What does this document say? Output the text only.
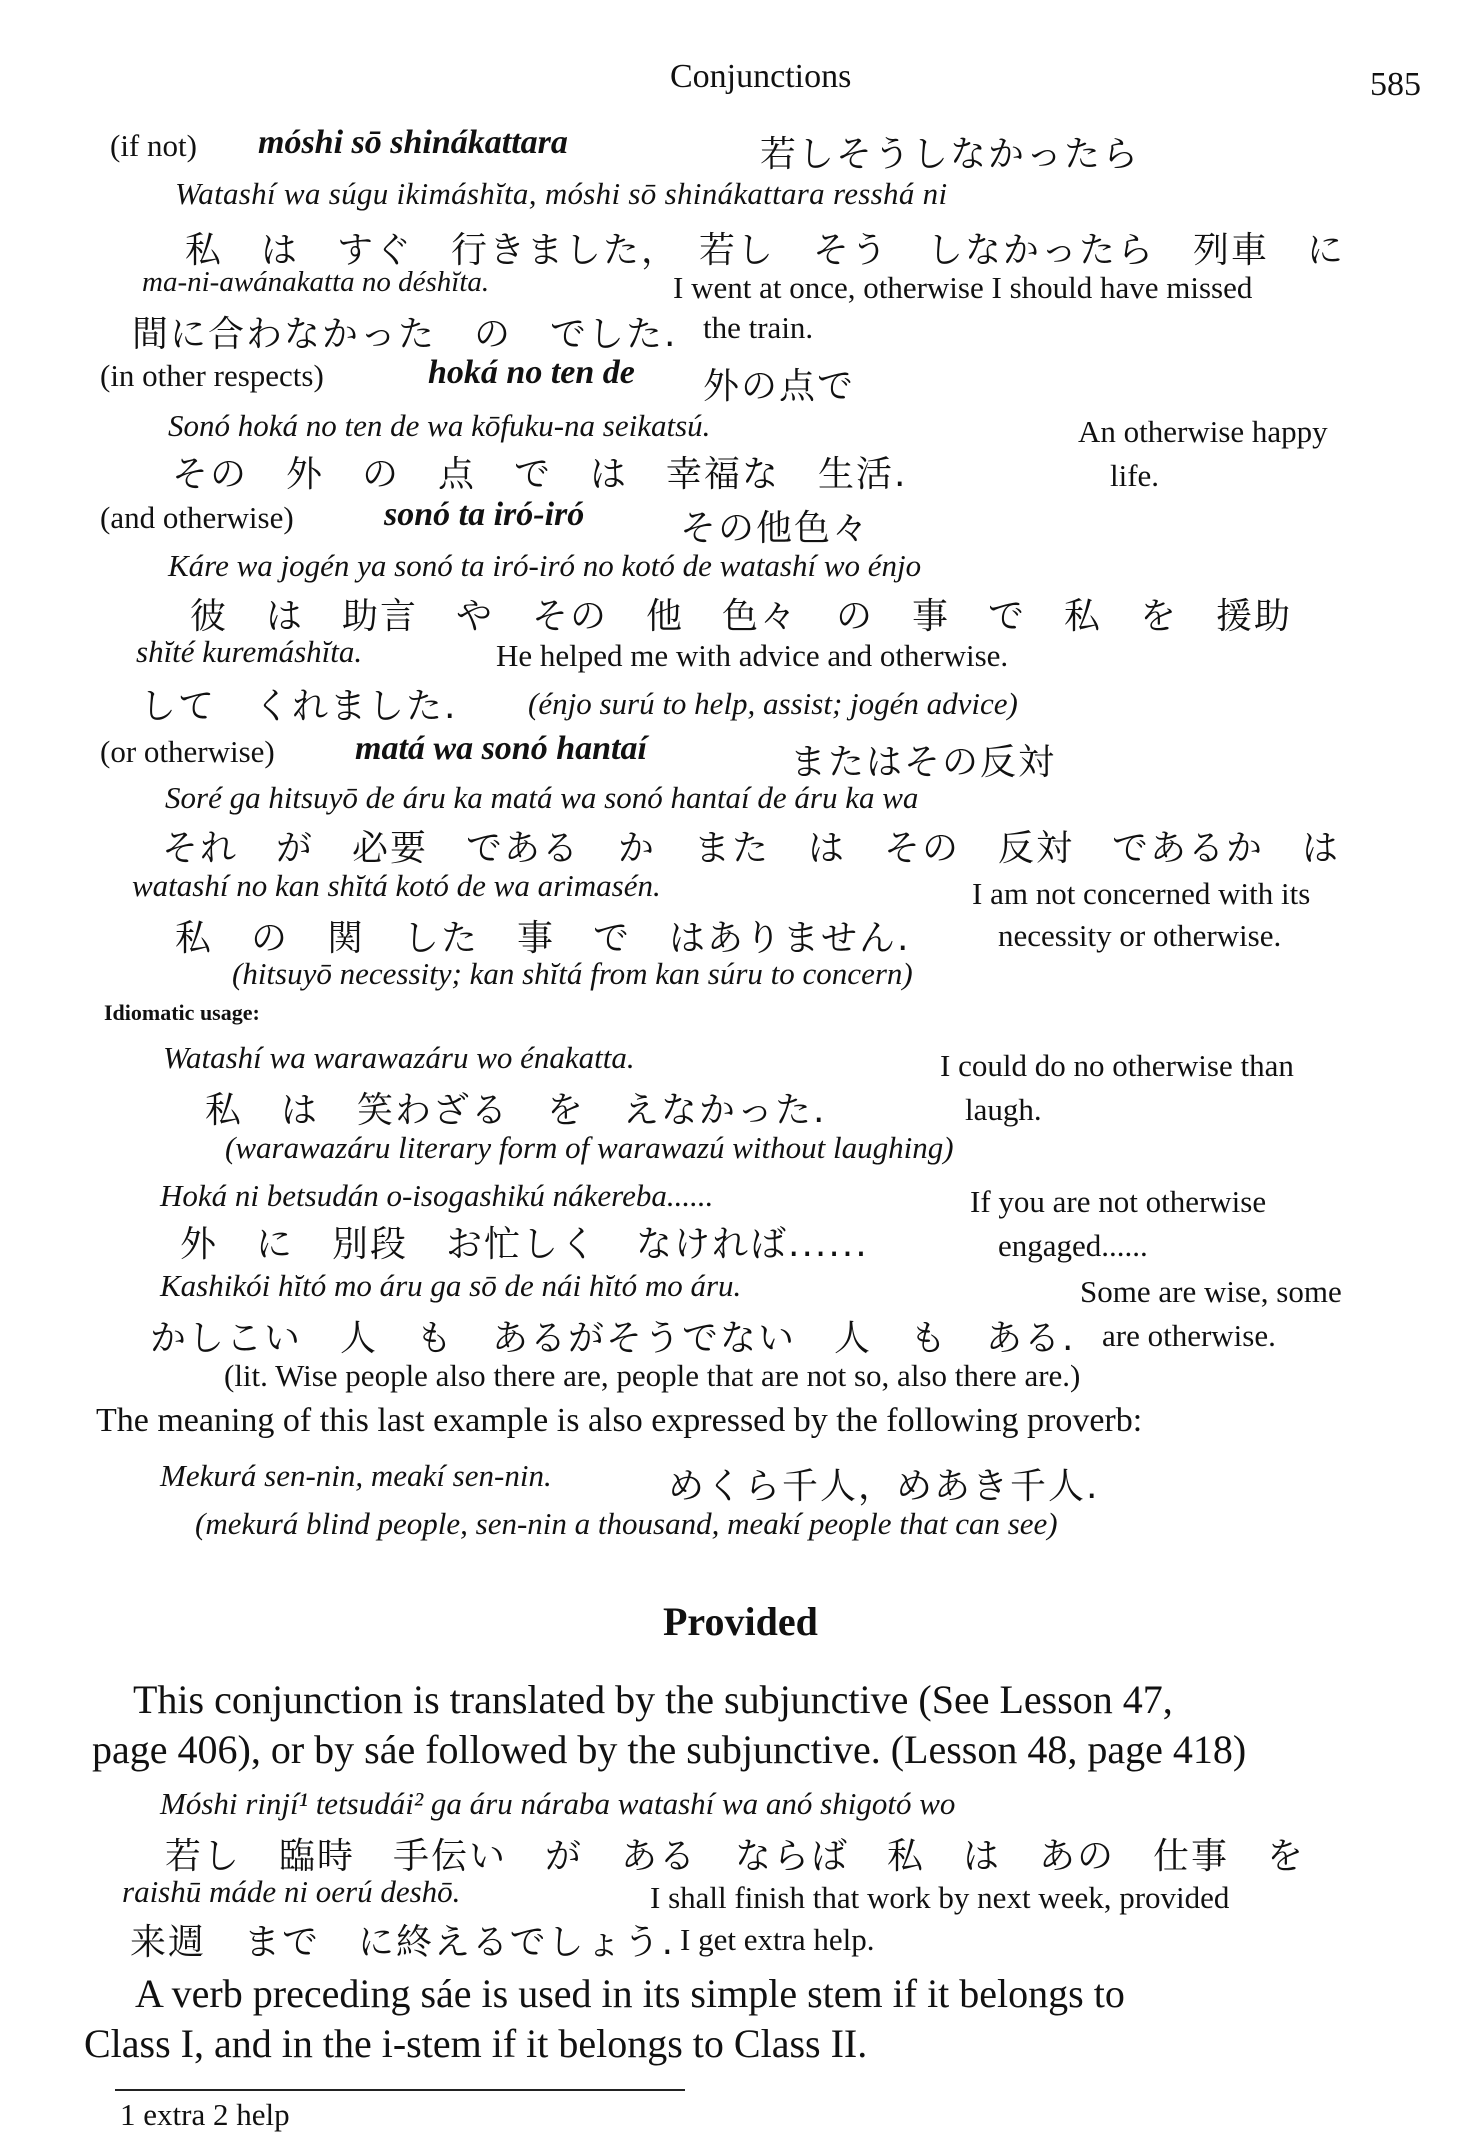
Conjunctions	585
(if not) móshi sō shinákattara	若しそうしなかったら
Watashí wa súgu ikimáshĭta, móshi sō shinákattara resshá ni
私　は　すぐ　行きました，　若し　そう　しなかったら　列車　に
ma-ni-awánakatta no déshĭta.	I went at once, otherwise I should have missed
間に合わなかった　の　でした. the train.
(in other respects)	hoká no ten de 外の点で
Sonó hoká no ten de wa kōfuku-na seikatsú.	An otherwise happy
その　外　の　点　で　は　幸福な　生活.	life.
(and otherwise)	sonó ta iró-iró	その他色々
Káre wa jogén ya sonó ta iró-iró no kotó de watashí wo énjo
彼　は　助言　や　その　他　色々　の　事　で　私　を　援助
shĭté kuremáshĭta.	He helped me with advice and otherwise.
して　くれました. (énjo surú to help, assist; jogén advice)
(or otherwise) matá wa sonó hantaí	またはその反対
Soré ga hitsuyō de áru ka matá wa sonó hantaí de áru ka wa
それ　が　必要　である　か　また　は　その　反対　であるか　は
watashí no kan shĭtá kotó de wa arimasén.	I am not concerned with its
私　の　関　した　事　で　はありません.	necessity or otherwise.
(hitsuyō necessity; kan shĭtá from kan súru to concern)
Idiomatic usage:
Watashí wa warawazáru wo énakatta.	I could do no otherwise than
私　は　笑わざる　を　えなかった.	laugh.
(warawazáru literary form of warawazú without laughing)
Hoká ni betsudán o-isogashikú nákereba......	If you are not otherwise
外　に　別段　お忙しく　なければ......	engaged......
Kashikói hĭtó mo áru ga sō de nái hĭtó mo áru.	Some are wise, some
かしこい　人　も　あるがそうでない　人　も　ある. are otherwise.
(lit. Wise people also there are, people that are not so, also there are.)
The meaning of this last example is also expressed by the following proverb:
Mekurá sen-nin, meakí sen-nin.	めくら千人，めあき千人.
(mekurá blind people, sen-nin a thousand, meakí people that can see)
Provided
This conjunction is translated by the subjunctive (See Lesson 47,
page 406), or by sáe followed by the subjunctive. (Lesson 48, page 418)
Móshi rinjí¹ tetsudái² ga áru náraba watashí wa anó shigotó wo
若し　臨時　手伝い　が　ある　ならば　私　は　あの　仕事　を
raishū máde ni oerú deshō.	I shall finish that work by next week, provided
来週　まで　に終えるでしょう. I get extra help.
A verb preceding sáe is used in its simple stem if it belongs to
Class I, and in the i-stem if it belongs to Class II.
1 extra 2 help
